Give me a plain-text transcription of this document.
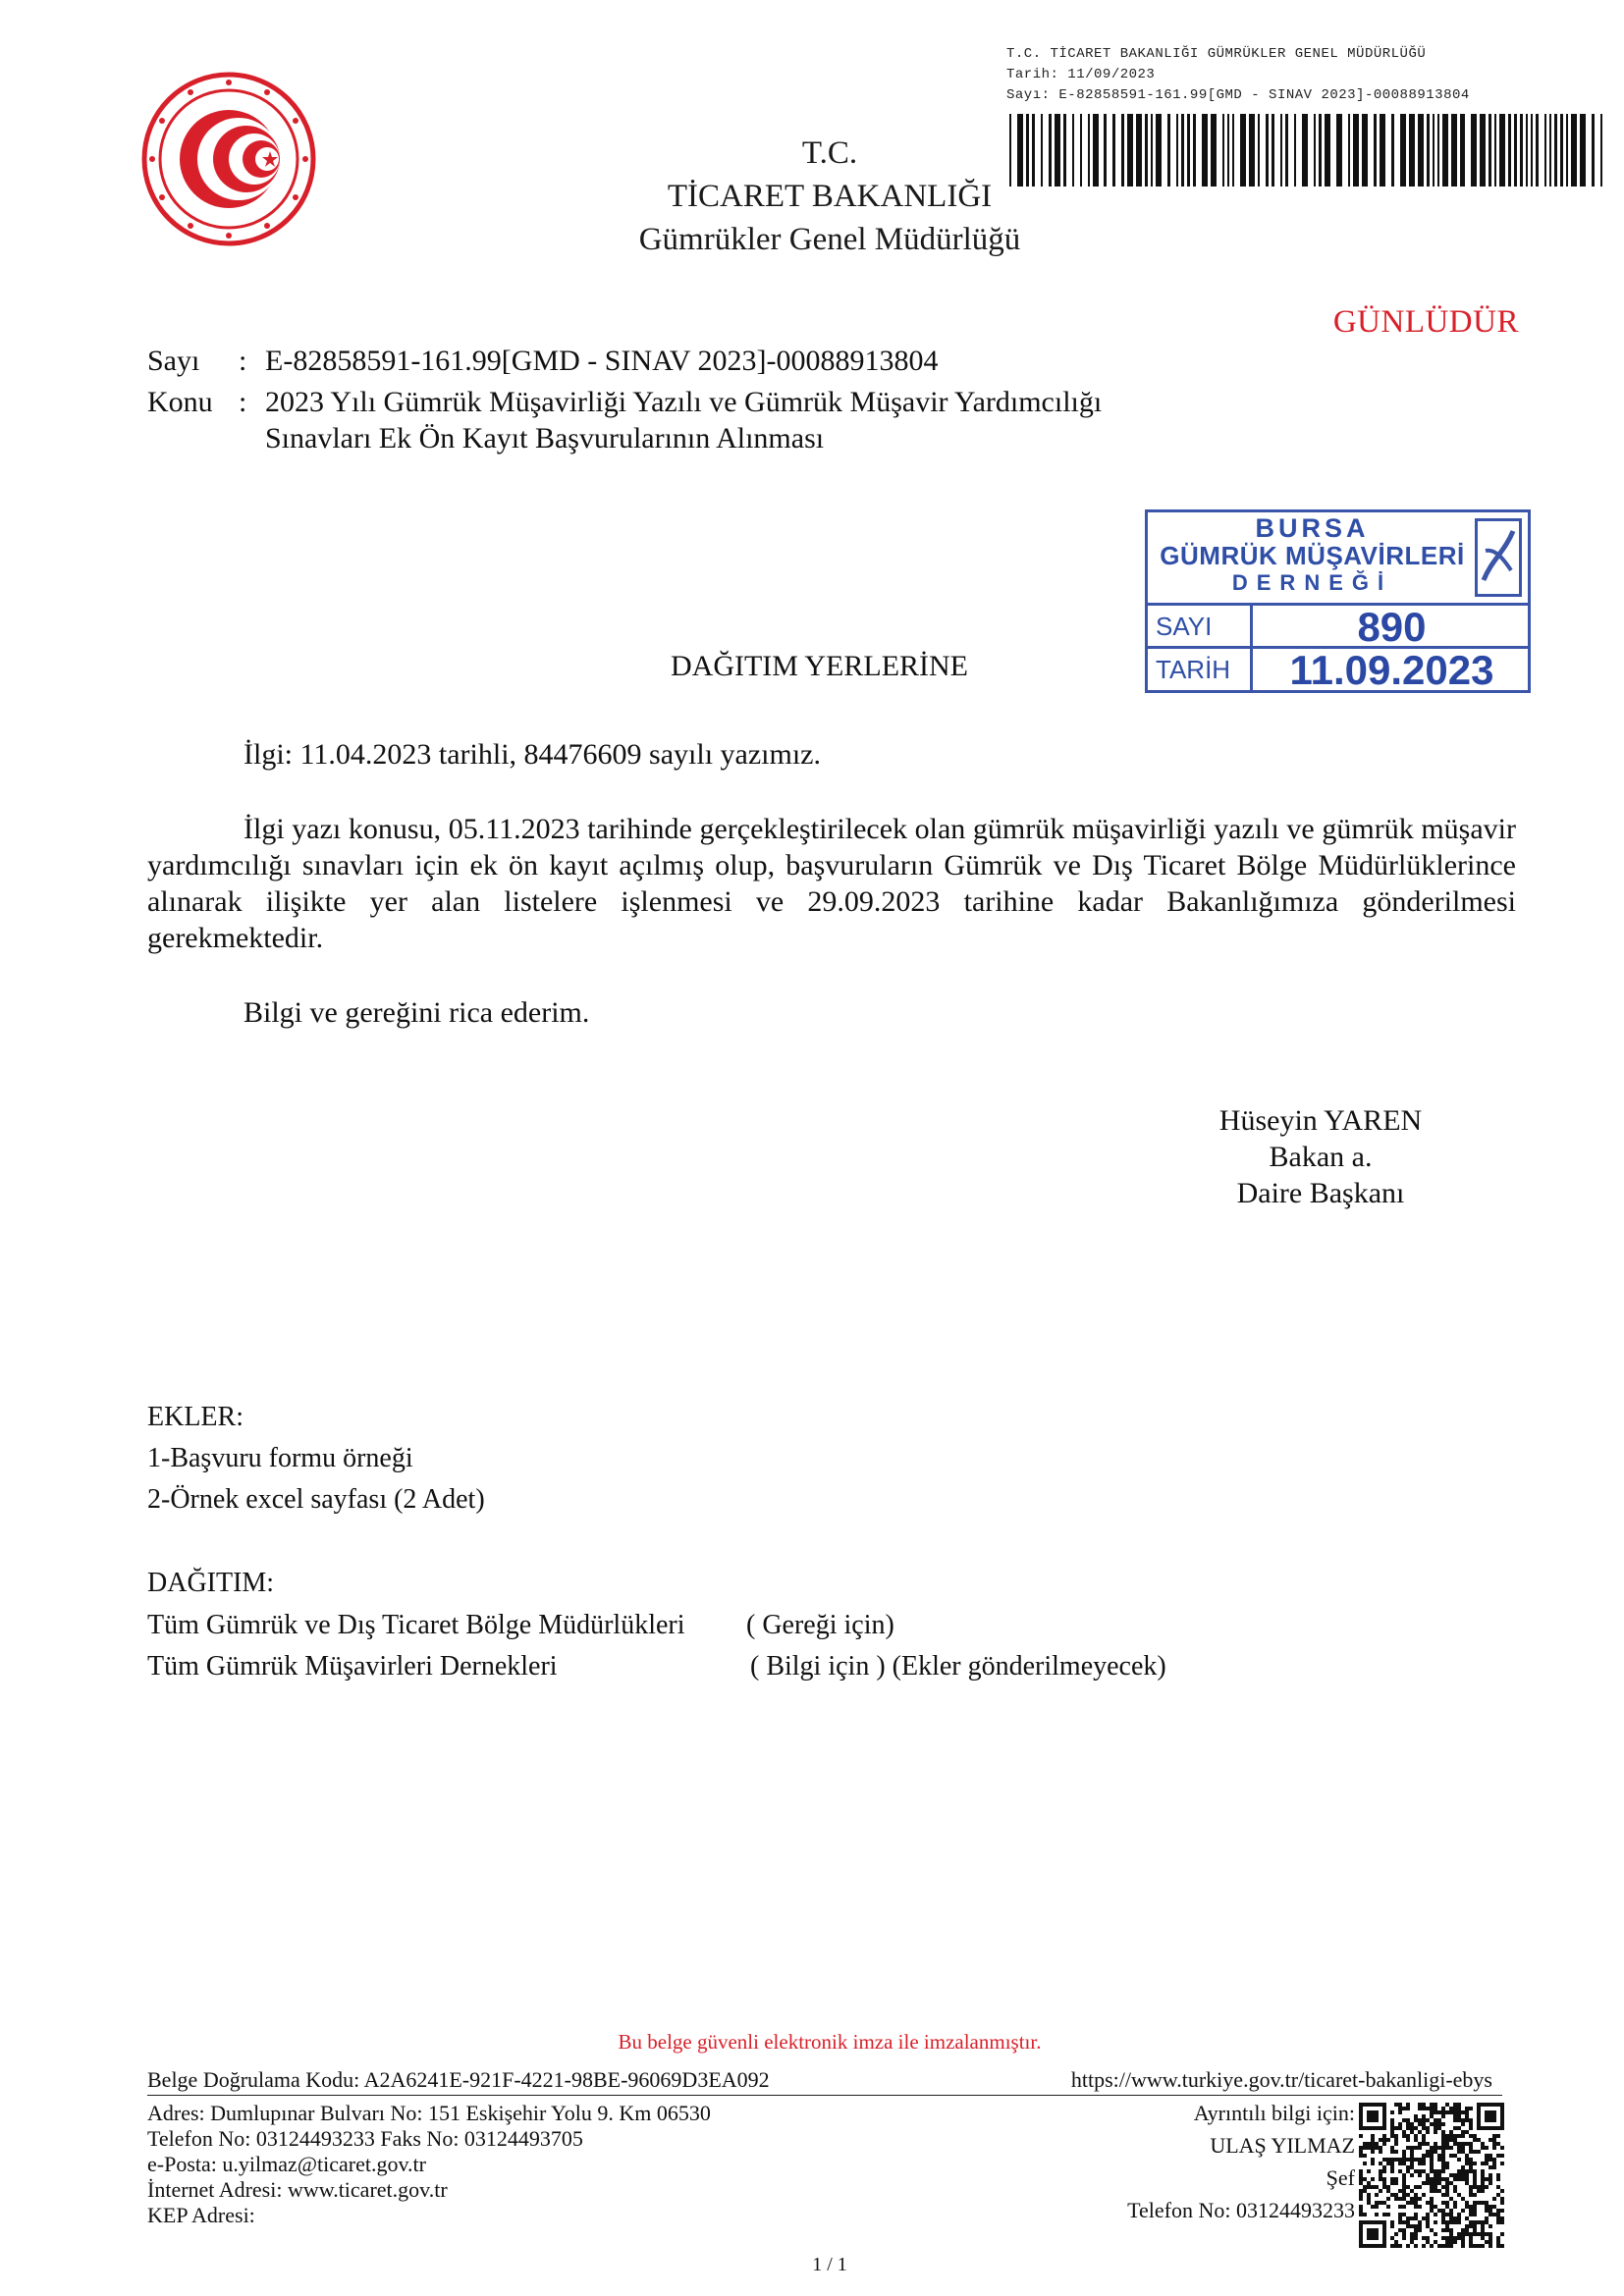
T.C. TİCARET BAKANLIĞI GÜMRÜKLER GENEL MÜDÜRLÜĞÜ
Tarih: 11/09/2023
Sayı: E-82858591-161.99[GMD - SINAV 2023]-00088913804
T.C.
TİCARET BAKANLIĞI
Gümrükler Genel Müdürlüğü
GÜNLÜDÜR
Sayı : E-82858591-161.99[GMD - SINAV 2023]-00088913804
Konu : 2023 Yılı Gümrük Müşavirliği Yazılı ve Gümrük Müşavir Yardımcılığı
Sınavları Ek Ön Kayıt Başvurularının Alınması
BURSA
GÜMRÜK MÜŞAVİRLERİ
DERNEĞİ
SAYI	890
TARİH	11.09.2023
DAĞITIM YERLERİNE
İlgi: 11.04.2023 tarihli, 84476609 sayılı yazımız.
İlgi yazı konusu, 05.11.2023 tarihinde gerçekleştirilecek olan gümrük müşavirliği yazılı ve gümrük müşavir yardımcılığı sınavları için ek ön kayıt açılmış olup, başvuruların Gümrük ve Dış Ticaret Bölge Müdürlüklerince alınarak ilişikte yer alan listelere işlenmesi ve 29.09.2023 tarihine kadar Bakanlığımıza gönderilmesi gerekmektedir.
Bilgi ve gereğini rica ederim.
Hüseyin YAREN
Bakan a.
Daire Başkanı
EKLER:
1-Başvuru formu örneği
2-Örnek excel sayfası (2 Adet)
DAĞITIM:
Tüm Gümrük ve Dış Ticaret Bölge Müdürlükleri ( Gereği için)
Tüm Gümrük Müşavirleri Dernekleri	( Bilgi için ) (Ekler gönderilmeyecek)
Bu belge güvenli elektronik imza ile imzalanmıştır.
Belge Doğrulama Kodu: A2A6241E-921F-4221-98BE-96069D3EA092	https://www.turkiye.gov.tr/ticaret-bakanligi-ebys
Adres: Dumlupınar Bulvarı No: 151 Eskişehir Yolu 9. Km 06530
Telefon No: 03124493233 Faks No: 03124493705
e-Posta: u.yilmaz@ticaret.gov.tr
İnternet Adresi: www.ticaret.gov.tr
KEP Adresi:
Ayrıntılı bilgi için:
ULAŞ YILMAZ
Şef
Telefon No: 03124493233
1 / 1
